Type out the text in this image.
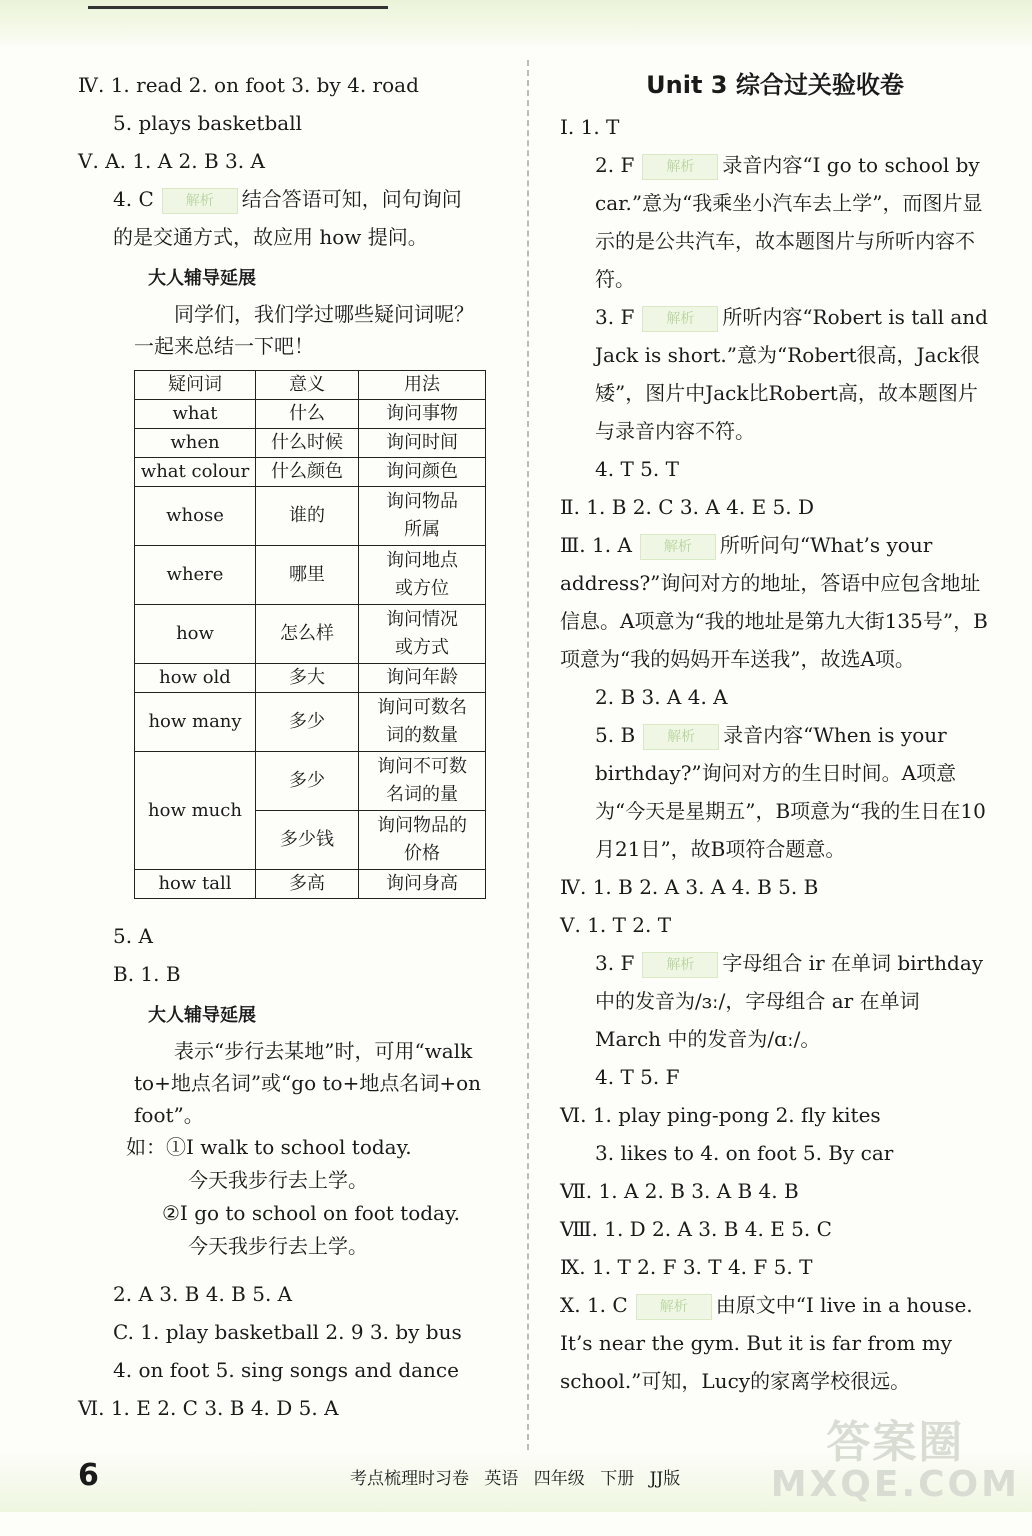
Ⅳ. 1. read 2. on foot 3. by 4. road
5. plays basketball
Ⅴ. A. 1. A 2. B 3. A
4. C 解析 结合答语可知，问句询问
的是交通方式，故应用 how 提问。
大人辅导延展
同学们，我们学过哪些疑问词呢？
一起来总结一下吧！
疑问词	意义	用法
what	什么	询问事物
when	什么时候	询问时间
what colour	什么颜色	询问颜色
whose	谁的	询问物品所属
where	哪里	询问地点或方位
how	怎么样	询问情况或方式
how old	多大	询问年龄
how many	多少	询问可数名词的数量
how much	多少	询问不可数名词的量
	多少钱	询问物品的价格
how tall	多高	询问身高
5. A
B. 1. B
大人辅导延展
表示“步行去某地”时，可用“walk to+地点名词”或“go to+地点名词+on foot”。
如：①I walk to school today.
今天我步行去上学。
②I go to school on foot today.
今天我步行去上学。
2. A 3. B 4. B 5. A
C. 1. play basketball 2. 9 3. by bus
4. on foot 5. sing songs and dance
Ⅵ. 1. E 2. C 3. B 4. D 5. A
Unit 3 综合过关验收卷
Ⅰ. 1. T
2. F 解析 录音内容“I go to school by car.”意为“我乘坐小汽车去上学”，而图片显示的是公共汽车，故本题图片与所听内容不符。
3. F 解析 所听内容“Robert is tall and Jack is short.”意为“Robert很高，Jack很矮”，图片中Jack比Robert高，故本题图片与录音内容不符。
4. T 5. T
Ⅱ. 1. B 2. C 3. A 4. E 5. D
Ⅲ. 1. A 解析 所听问句“What’s your address?”询问对方的地址，答语中应包含地址信息。A项意为“我的地址是第九大街135号”，B项意为“我的妈妈开车送我”，故选A项。
2. B 3. A 4. A
5. B 解析 录音内容“When is your birthday?”询问对方的生日时间。A项意为“今天是星期五”，B项意为“我的生日在10月21日”，故B项符合题意。
Ⅳ. 1. B 2. A 3. A 4. B 5. B
Ⅴ. 1. T 2. T
3. F 解析 字母组合 ir 在单词 birthday 中的发音为/ɜː/，字母组合 ar 在单词 March 中的发音为/ɑː/。
4. T 5. F
Ⅵ. 1. play ping-pong 2. fly kites
3. likes to 4. on foot 5. By car
Ⅶ. 1. A 2. B 3. A B 4. B
Ⅷ. 1. D 2. A 3. B 4. E 5. C
Ⅸ. 1. T 2. F 3. T 4. F 5. T
Ⅹ. 1. C 解析 由原文中“I live in a house. It’s near the gym. But it is far from my school.”可知，Lucy的家离学校很远。
6	考点梳理时习卷 英语 四年级 下册 JJ版
答案圈
MXQE.COM
